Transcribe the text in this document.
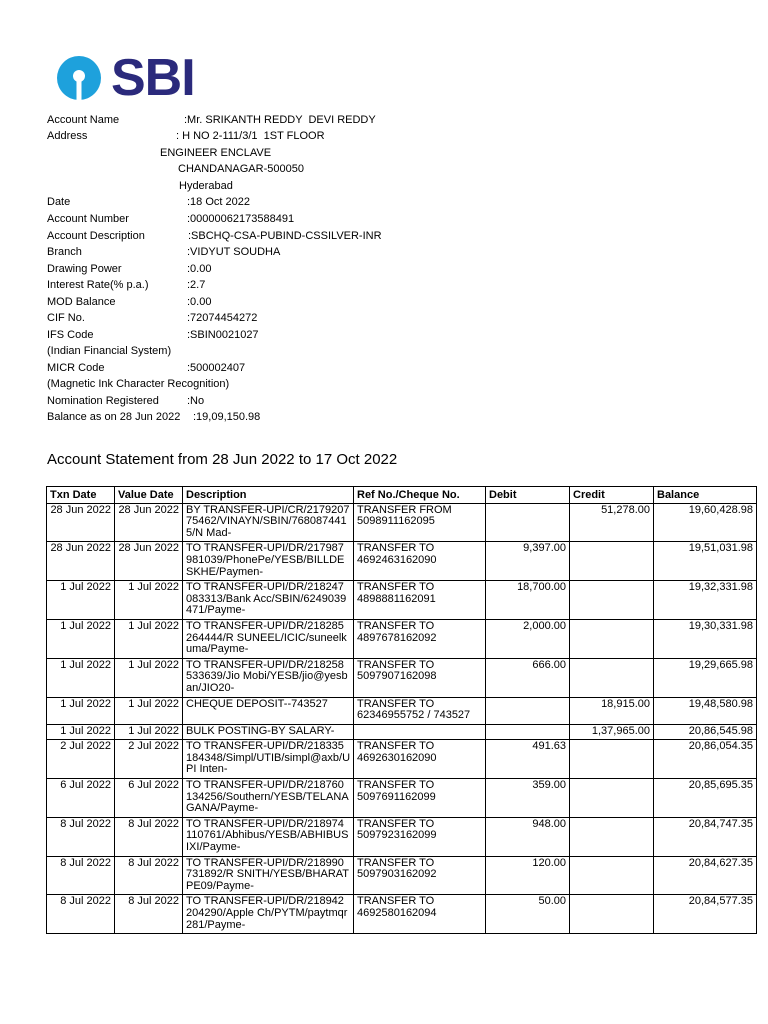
SBI
Account Name	:Mr. SRIKANTH REDDY  DEVI REDDY
Address	: H NO 2-111/3/1  1ST FLOOR
ENGINEER ENCLAVE
CHANDANAGAR-500050
Hyderabad
Date	:18 Oct 2022
Account Number	:00000062173588491
Account Description	:SBCHQ-CSA-PUBIND-CSSILVER-INR
Branch	:VIDYUT SOUDHA
Drawing Power	:0.00
Interest Rate(% p.a.)	:2.7
MOD Balance	:0.00
CIF No.	:72074454272
IFS Code	:SBIN0021027
(Indian Financial System)
MICR Code	:500002407
(Magnetic Ink Character Recognition)
Nomination Registered	:No
Balance as on 28 Jun 2022 :19,09,150.98
Account Statement from 28 Jun 2022 to 17 Oct 2022
Txn Date	Value Date	Description	Ref No./Cheque No.	Debit	Credit	Balance
28 Jun 2022	28 Jun 2022	BY TRANSFER-UPI/CR/217920775462/VINAYN/SBIN/7680874415/N Mad-	TRANSFER FROM 5098911162095		51,278.00	19,60,428.98
28 Jun 2022	28 Jun 2022	TO TRANSFER-UPI/DR/217987981039/PhonePe/YESB/BILLDESKHE/Paymen-	TRANSFER TO 4692463162090	9,397.00		19,51,031.98
1 Jul 2022	1 Jul 2022	TO TRANSFER-UPI/DR/218247083313/Bank Acc/SBIN/6249039471/Payme-	TRANSFER TO 4898881162091	18,700.00		19,32,331.98
1 Jul 2022	1 Jul 2022	TO TRANSFER-UPI/DR/218285264444/R SUNEEL/ICIC/suneelkuma/Payme-	TRANSFER TO 4897678162092	2,000.00		19,30,331.98
1 Jul 2022	1 Jul 2022	TO TRANSFER-UPI/DR/218258533639/Jio Mobi/YESB/jio@yesban/JIO20-	TRANSFER TO 5097907162098	666.00		19,29,665.98
1 Jul 2022	1 Jul 2022	CHEQUE DEPOSIT--743527	TRANSFER TO 62346955752 / 743527		18,915.00	19,48,580.98
1 Jul 2022	1 Jul 2022	BULK POSTING-BY SALARY-			1,37,965.00	20,86,545.98
2 Jul 2022	2 Jul 2022	TO TRANSFER-UPI/DR/218335184348/Simpl/UTIB/simpl@axb/UPI Inten-	TRANSFER TO 4692630162090	491.63		20,86,054.35
6 Jul 2022	6 Jul 2022	TO TRANSFER-UPI/DR/218760134256/Southern/YESB/TELANAGANA/Payme-	TRANSFER TO 5097691162099	359.00		20,85,695.35
8 Jul 2022	8 Jul 2022	TO TRANSFER-UPI/DR/218974110761/Abhibus/YESB/ABHIBUSIXI/Payme-	TRANSFER TO 5097923162099	948.00		20,84,747.35
8 Jul 2022	8 Jul 2022	TO TRANSFER-UPI/DR/218990731892/R SNITH/YESB/BHARATPE09/Payme-	TRANSFER TO 5097903162092	120.00		20,84,627.35
8 Jul 2022	8 Jul 2022	TO TRANSFER-UPI/DR/218942204290/Apple Ch/PYTM/paytmqr281/Payme-	TRANSFER TO 4692580162094	50.00		20,84,577.35
